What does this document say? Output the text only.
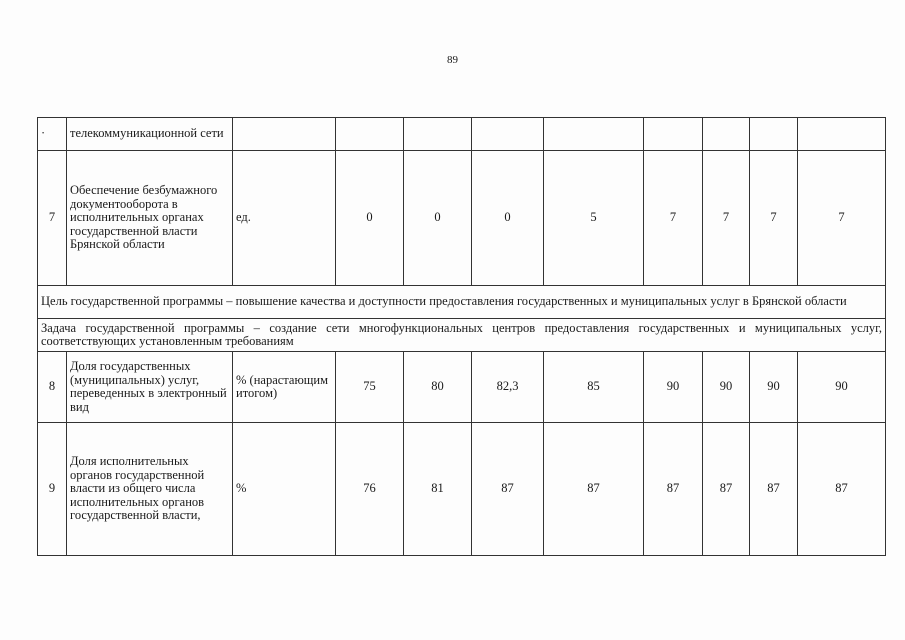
89
·	телекоммуникационной сети									
7	Обеспечение безбумажного документооборота в исполнительных органах государственной власти Брянской области	ед.	0	0	0	5	7	7	7	7
Цель государственной программы – повышение качества и доступности предоставления государственных и муниципальных услуг в Брянской области										
Задача государственной программы – создание сети многофункциональных центров предоставления государственных и муниципальных услуг, соответствующих установленным требованиям										
8	Доля государственных (муниципальных) услуг, переведенных в электронный вид	% (нарастающим итогом)	75	80	82,3	85	90	90	90	90
9	Доля исполнительных органов государственной власти из общего числа исполнительных органов государственной власти,	%	76	81	87	87	87	87	87	87
